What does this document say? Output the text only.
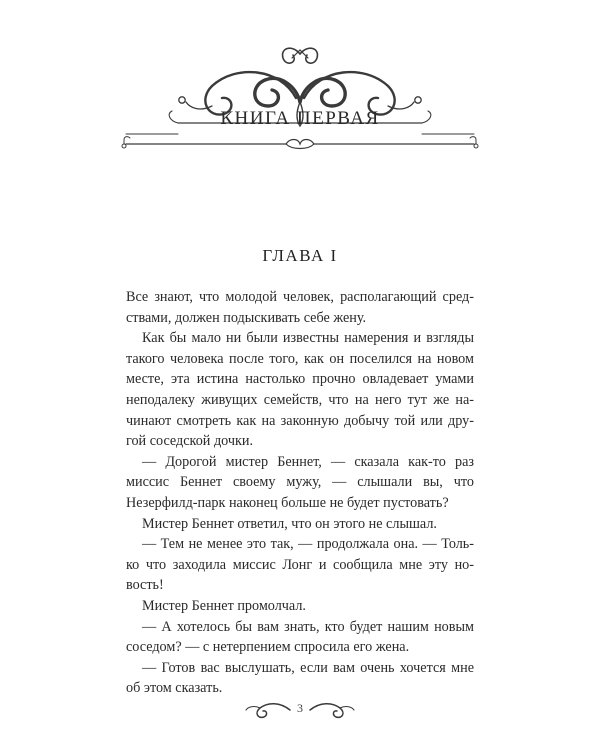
КНИГА ПЕРВАЯ
ГЛАВА I
Все знают, что молодой человек, располагающий сред-
ствами, должен подыскивать себе жену.
Как бы мало ни были известны намерения и взгляды
такого человека после того, как он поселился на новом
месте, эта истина настолько прочно овладевает умами
неподалеку живущих семейств, что на него тут же на-
чинают смотреть как на законную добычу той или дру-
гой соседской дочки.
— Дорогой мистер Беннет, — сказала как-то раз
миссис Беннет своему мужу, — слышали вы, что
Незерфилд-парк наконец больше не будет пустовать?
Мистер Беннет ответил, что он этого не слышал.
— Тем не менее это так, — продолжала она. — Толь-
ко что заходила миссис Лонг и сообщила мне эту но-
вость!
Мистер Беннет промолчал.
— А хотелось бы вам знать, кто будет нашим новым
соседом? — с нетерпением спросила его жена.
— Готов вас выслушать, если вам очень хочется мне
об этом сказать.
3
